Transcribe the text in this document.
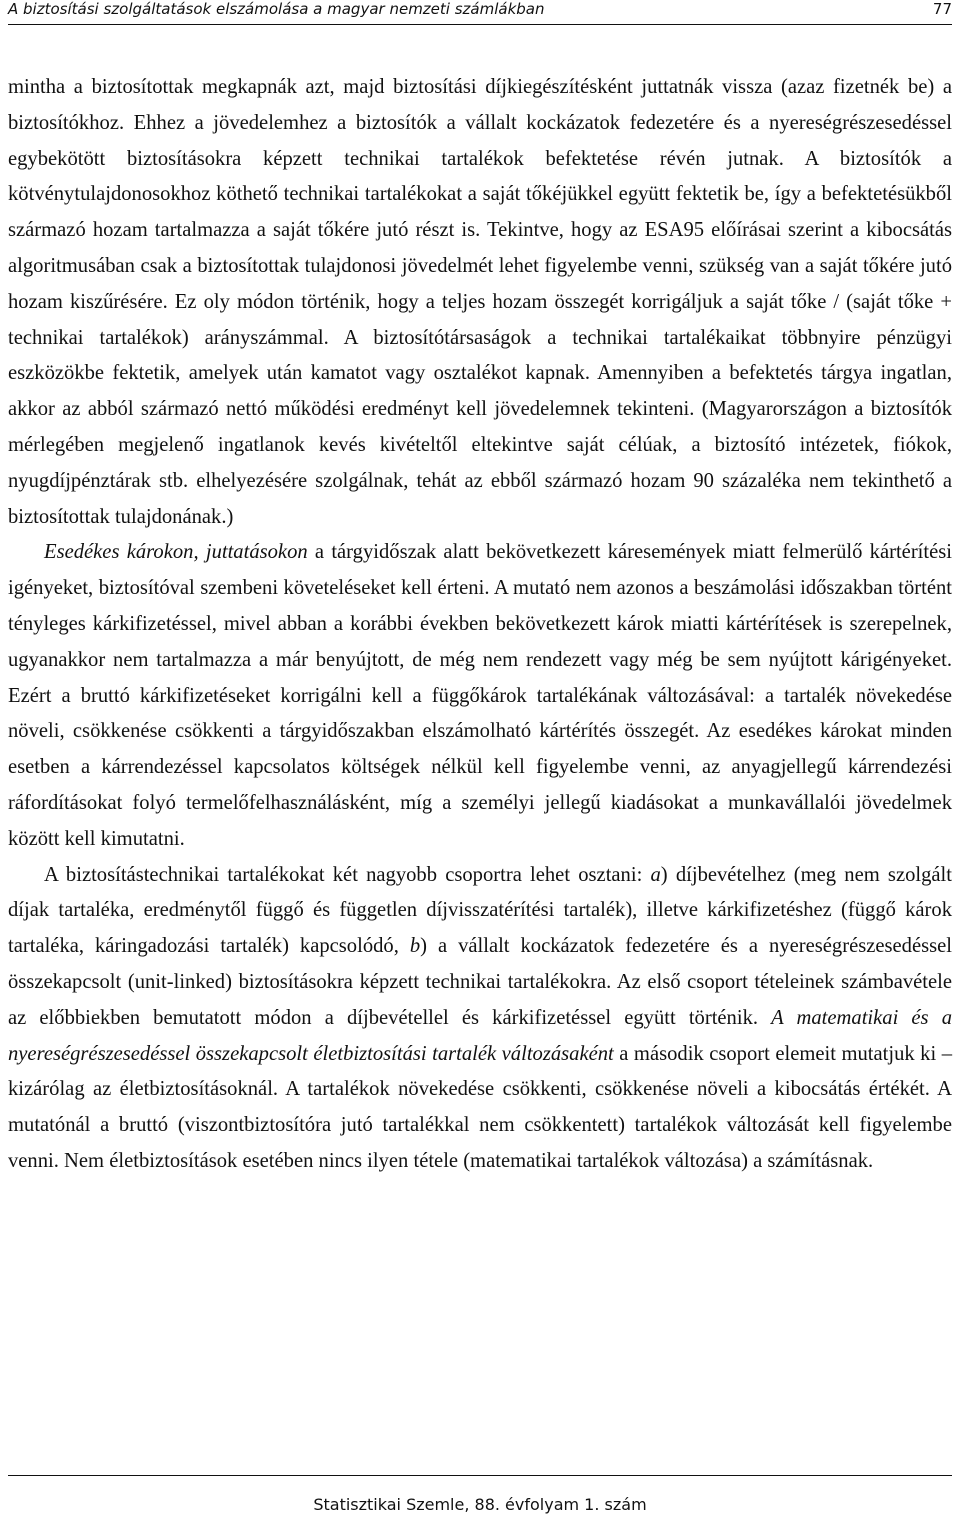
A biztosítási szolgáltatások elszámolása a magyar nemzeti számlákban	77

mintha a biztosítottak megkapnák azt, majd biztosítási díjkiegészítésként juttatnák vissza (azaz fizetnék be) a biztosítókhoz. Ehhez a jövedelemhez a biztosítók a vállalt kockázatok fedezetére és a nyereségrészesedéssel egybekötött biztosításokra képzett technikai tartalékok befektetése révén jutnak. A biztosítók a kötvénytulajdonosokhoz köthető technikai tartalékokat a saját tőkéjükkel együtt fektetik be, így a befektetésükből származó hozam tartalmazza a saját tőkére jutó részt is. Tekintve, hogy az ESA95 előírásai szerint a kibocsátás algoritmusában csak a biztosítottak tulajdonosi jövedelmét lehet figyelembe venni, szükség van a saját tőkére jutó hozam kiszűrésére. Ez oly módon történik, hogy a teljes hozam összegét korrigáljuk a saját tőke / (saját tőke + technikai tartalékok) arányszámmal. A biztosítótársaságok a technikai tartalékaikat többnyire pénzügyi eszközökbe fektetik, amelyek után kamatot vagy osztalékot kapnak. Amennyiben a befektetés tárgya ingatlan, akkor az abból származó nettó működési eredményt kell jövedelemnek tekinteni. (Magyarországon a biztosítók mérlegében megjelenő ingatlanok kevés kivételtől eltekintve saját célúak, a biztosító intézetek, fiókok, nyugdíjpénztárak stb. elhelyezésére szolgálnak, tehát az ebből származó hozam 90 százaléka nem tekinthető a biztosítottak tulajdonának.)

Esedékes károkon, juttatásokon a tárgyidőszak alatt bekövetkezett káresemények miatt felmerülő kártérítési igényeket, biztosítóval szembeni követeléseket kell érteni. A mutató nem azonos a beszámolási időszakban történt tényleges kárkifizetéssel, mivel abban a korábbi években bekövetkezett károk miatti kártérítések is szerepelnek, ugyanakkor nem tartalmazza a már benyújtott, de még nem rendezett vagy még be sem nyújtott kárigényeket. Ezért a bruttó kárkifizetéseket korrigálni kell a függőkárok tartalékának változásával: a tartalék növekedése növeli, csökkenése csökkenti a tárgyidőszakban elszámolható kártérítés összegét. Az esedékes károkat minden esetben a kárrendezéssel kapcsolatos költségek nélkül kell figyelembe venni, az anyagjellegű kárrendezési ráfordításokat folyó termelőfelhasználásként, míg a személyi jellegű kiadásokat a munkavállalói jövedelmek között kell kimutatni.

A biztosítástechnikai tartalékokat két nagyobb csoportra lehet osztani: a) díjbevételhez (meg nem szolgált díjak tartaléka, eredménytől függő és független díjvisszatérítési tartalék), illetve kárkifizetéshez (függő károk tartaléka, káringadozási tartalék) kapcsolódó, b) a vállalt kockázatok fedezetére és a nyereségrészesedéssel összekapcsolt (unit-linked) biztosításokra képzett technikai tartalékokra. Az első csoport tételeinek számbavétele az előbbiekben bemutatott módon a díjbevétellel és kárkifizetéssel együtt történik. A matematikai és a nyereségrészesedéssel összekapcsolt életbiztosítási tartalék változásaként a második csoport elemeit mutatjuk ki – kizárólag az életbiztosításoknál. A tartalékok növekedése csökkenti, csökkenése növeli a kibocsátás értékét. A mutatónál a bruttó (viszontbiztosítóra jutó tartalékkal nem csökkentett) tartalékok változását kell figyelembe venni. Nem életbiztosítások esetében nincs ilyen tétele (matematikai tartalékok változása) a számításnak.

Statisztikai Szemle, 88. évfolyam 1. szám
